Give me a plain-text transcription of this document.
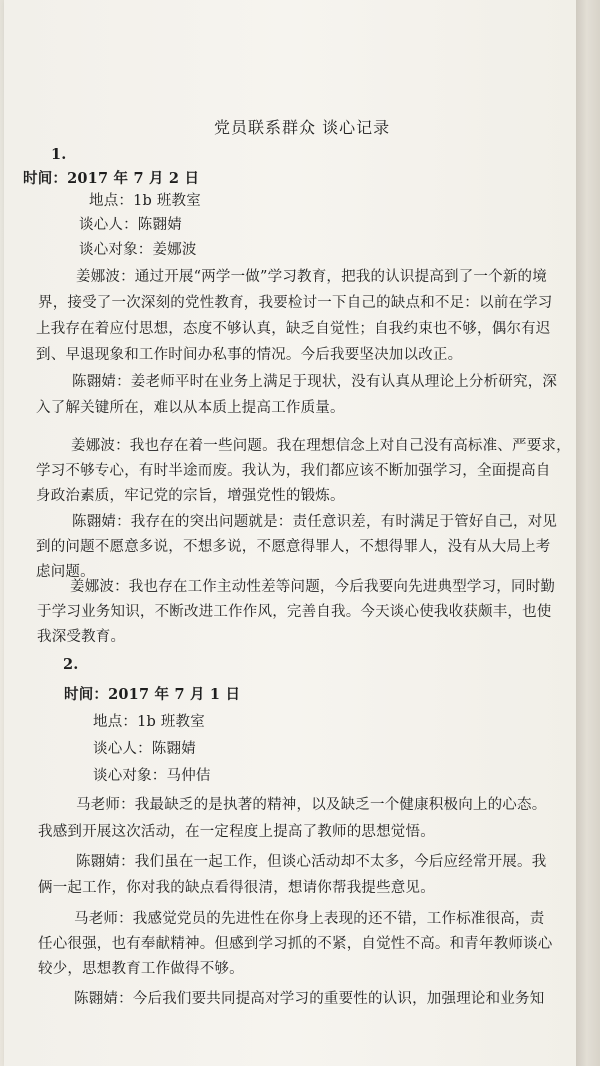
党员联系群众 谈心记录
1.
时间：2017 年 7 月 2 日
地点：1b 班教室
谈心人：陈翾婧
谈心对象：姜娜波
姜娜波：通过开展“两学一做”学习教育，把我的认识提高到了一个新的境
界，接受了一次深刻的党性教育，我要检讨一下自己的缺点和不足：以前在学习
上我存在着应付思想，态度不够认真，缺乏自觉性；自我约束也不够，偶尔有迟
到、早退现象和工作时间办私事的情况。今后我要坚决加以改正。
陈翾婧：姜老师平时在业务上满足于现状，没有认真从理论上分析研究，深
入了解关键所在，难以从本质上提高工作质量。
姜娜波：我也存在着一些问题。我在理想信念上对自己没有高标准、严要求，
学习不够专心，有时半途而废。我认为，我们都应该不断加强学习，全面提高自
身政治素质，牢记党的宗旨，增强党性的锻炼。
陈翾婧：我存在的突出问题就是：责任意识差，有时满足于管好自己，对见
到的问题不愿意多说，不想多说，不愿意得罪人，不想得罪人，没有从大局上考
虑问题。
姜娜波：我也存在工作主动性差等问题，今后我要向先进典型学习，同时勤
于学习业务知识，不断改进工作作风，完善自我。今天谈心使我收获颇丰，也使
我深受教育。
2.
时间：2017 年 7 月 1 日
地点：1b 班教室
谈心人：陈翾婧
谈心对象：马仲佶
马老师：我最缺乏的是执著的精神，以及缺乏一个健康积极向上的心态。
我感到开展这次活动，在一定程度上提高了教师的思想觉悟。
陈翾婧：我们虽在一起工作，但谈心活动却不太多，今后应经常开展。我
俩一起工作，你对我的缺点看得很清，想请你帮我提些意见。
马老师：我感觉党员的先进性在你身上表现的还不错，工作标准很高，责
任心很强，也有奉献精神。但感到学习抓的不紧，自觉性不高。和青年教师谈心
较少，思想教育工作做得不够。
陈翾婧：今后我们要共同提高对学习的重要性的认识，加强理论和业务知
